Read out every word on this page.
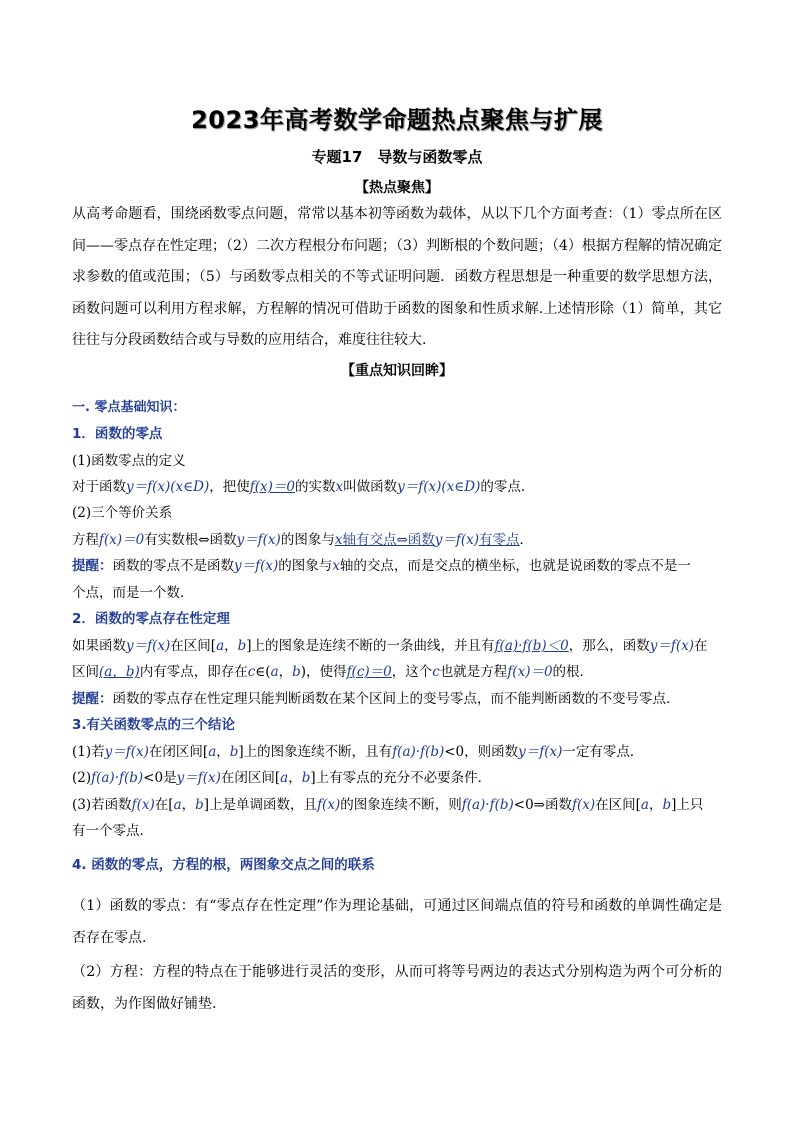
2023年高考数学命题热点聚焦与扩展
专题17　导数与函数零点
【热点聚焦】
从高考命题看，围绕函数零点问题，常常以基本初等函数为载体，从以下几个方面考查：（1）零点所在区间——零点存在性定理；（2）二次方程根分布问题；（3）判断根的个数问题；（4）根据方程解的情况确定求参数的值或范围；（5）与函数零点相关的不等式证明问题．函数方程思想是一种重要的数学思想方法，函数问题可以利用方程求解，方程解的情况可借助于函数的图象和性质求解.上述情形除（1）简单，其它往往与分段函数结合或与导数的应用结合，难度往往较大.
【重点知识回眸】
一. 零点基础知识：
1．函数的零点
(1)函数零点的定义
对于函数y＝f(x)(x∈D)，把使f(x)＝0的实数x叫做函数y＝f(x)(x∈D)的零点．
(2)三个等价关系
方程f(x)＝0有实数根⇔函数y＝f(x)的图象与x轴有交点⇔函数y＝f(x)有零点．
提醒：函数的零点不是函数y＝f(x)的图象与x轴的交点，而是交点的横坐标，也就是说函数的零点不是一
个点，而是一个数．
2．函数的零点存在性定理
如果函数y＝f(x)在区间[a，b]上的图象是连续不断的一条曲线，并且有f(a)·f(b)＜0，那么，函数y＝f(x)在
区间(a，b)内有零点，即存在c∈(a，b)，使得f(c)＝0，这个c也就是方程f(x)＝0的根．
提醒：函数的零点存在性定理只能判断函数在某个区间上的变号零点，而不能判断函数的不变号零点．
3.有关函数零点的三个结论
(1)若y＝f(x)在闭区间[a，b]上的图象连续不断，且有f(a)·f(b)<0，则函数y＝f(x)一定有零点．
(2)f(a)·f(b)<0是y＝f(x)在闭区间[a，b]上有零点的充分不必要条件．
(3)若函数f(x)在[a，b]上是单调函数，且f(x)的图象连续不断，则f(a)·f(b)<0⇒函数f(x)在区间[a，b]上只
有一个零点．
4. 函数的零点，方程的根，两图象交点之间的联系
（1）函数的零点：有“零点存在性定理”作为理论基础，可通过区间端点值的符号和函数的单调性确定是否存在零点.
（2）方程：方程的特点在于能够进行灵活的变形，从而可将等号两边的表达式分别构造为两个可分析的函数，为作图做好铺垫.
